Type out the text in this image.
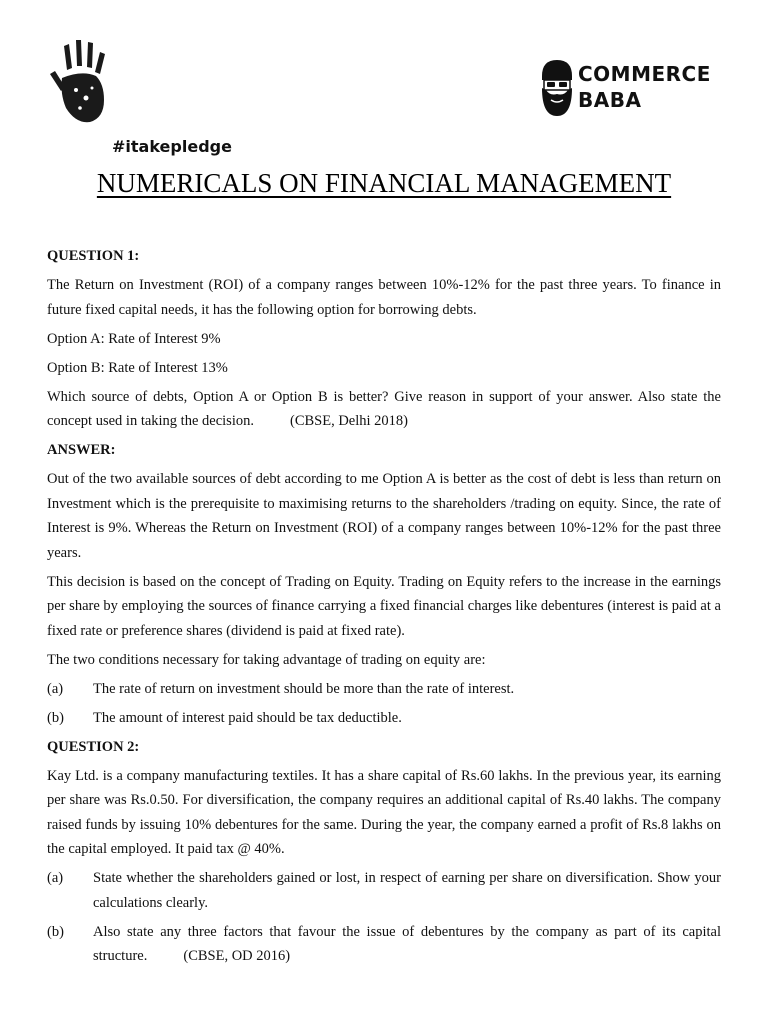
#itakepledge
COMMERCE
BABA
NUMERICALS ON FINANCIAL MANAGEMENT

QUESTION 1:

The Return on Investment (ROI) of a company ranges between 10%-12% for the past three years. To finance in future fixed capital needs, it has the following option for borrowing debts.

Option A: Rate of Interest 9%

Option B: Rate of Interest 13%

Which source of debts, Option A or Option B is better? Give reason in support of your answer. Also state the concept used in taking the decision. (CBSE, Delhi 2018)

ANSWER:

Out of the two available sources of debt according to me Option A is better as the cost of debt is less than return on Investment which is the prerequisite to maximising returns to the shareholders /trading on equity. Since, the rate of Interest is 9%. Whereas the Return on Investment (ROI) of a company ranges between 10%-12% for the past three years.

This decision is based on the concept of Trading on Equity. Trading on Equity refers to the increase in the earnings per share by employing the sources of finance carrying a fixed financial charges like debentures (interest is paid at a fixed rate or preference shares (dividend is paid at fixed rate).

The two conditions necessary for taking advantage of trading on equity are:

(a)	The rate of return on investment should be more than the rate of interest.
(b)	The amount of interest paid should be tax deductible.

QUESTION 2:

Kay Ltd. is a company manufacturing textiles. It has a share capital of Rs.60 lakhs. In the previous year, its earning per share was Rs.0.50. For diversification, the company requires an additional capital of Rs.40 lakhs. The company raised funds by issuing 10% debentures for the same. During the year, the company earned a profit of Rs.8 lakhs on the capital employed. It paid tax @ 40%.

(a)	State whether the shareholders gained or lost, in respect of earning per share on diversification. Show your calculations clearly.
(b)	Also state any three factors that favour the issue of debentures by the company as part of its capital structure. (CBSE, OD 2016)
